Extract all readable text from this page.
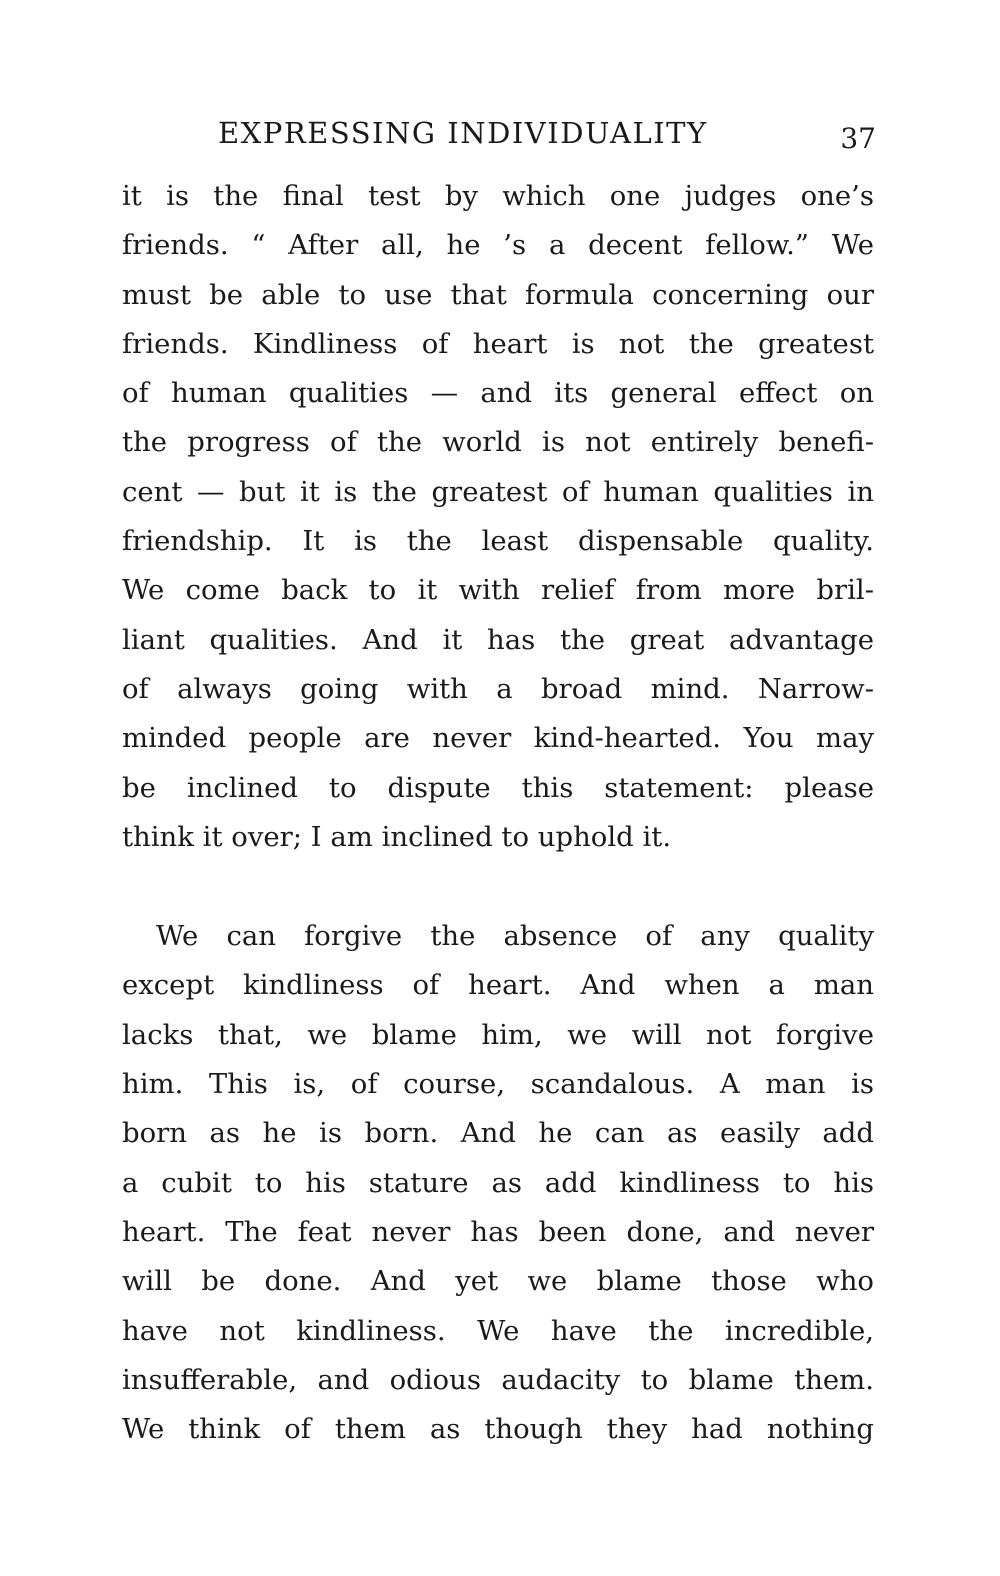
EXPRESSING INDIVIDUALITY	37
it is the final test by which one judges one’s
friends. “ After all, he ’s a decent fellow.” We
must be able to use that formula concerning our
friends. Kindliness of heart is not the greatest
of human qualities — and its general effect on
the progress of the world is not entirely benefi-
cent — but it is the greatest of human qualities in
friendship. It is the least dispensable quality.
We come back to it with relief from more bril-
liant qualities. And it has the great advantage
of always going with a broad mind. Narrow-
minded people are never kind-hearted. You may
be inclined to dispute this statement: please
think it over; I am inclined to uphold it.
We can forgive the absence of any quality
except kindliness of heart. And when a man
lacks that, we blame him, we will not forgive
him. This is, of course, scandalous. A man is
born as he is born. And he can as easily add
a cubit to his stature as add kindliness to his
heart. The feat never has been done, and never
will be done. And yet we blame those who
have not kindliness. We have the incredible,
insufferable, and odious audacity to blame them.
We think of them as though they had nothing
